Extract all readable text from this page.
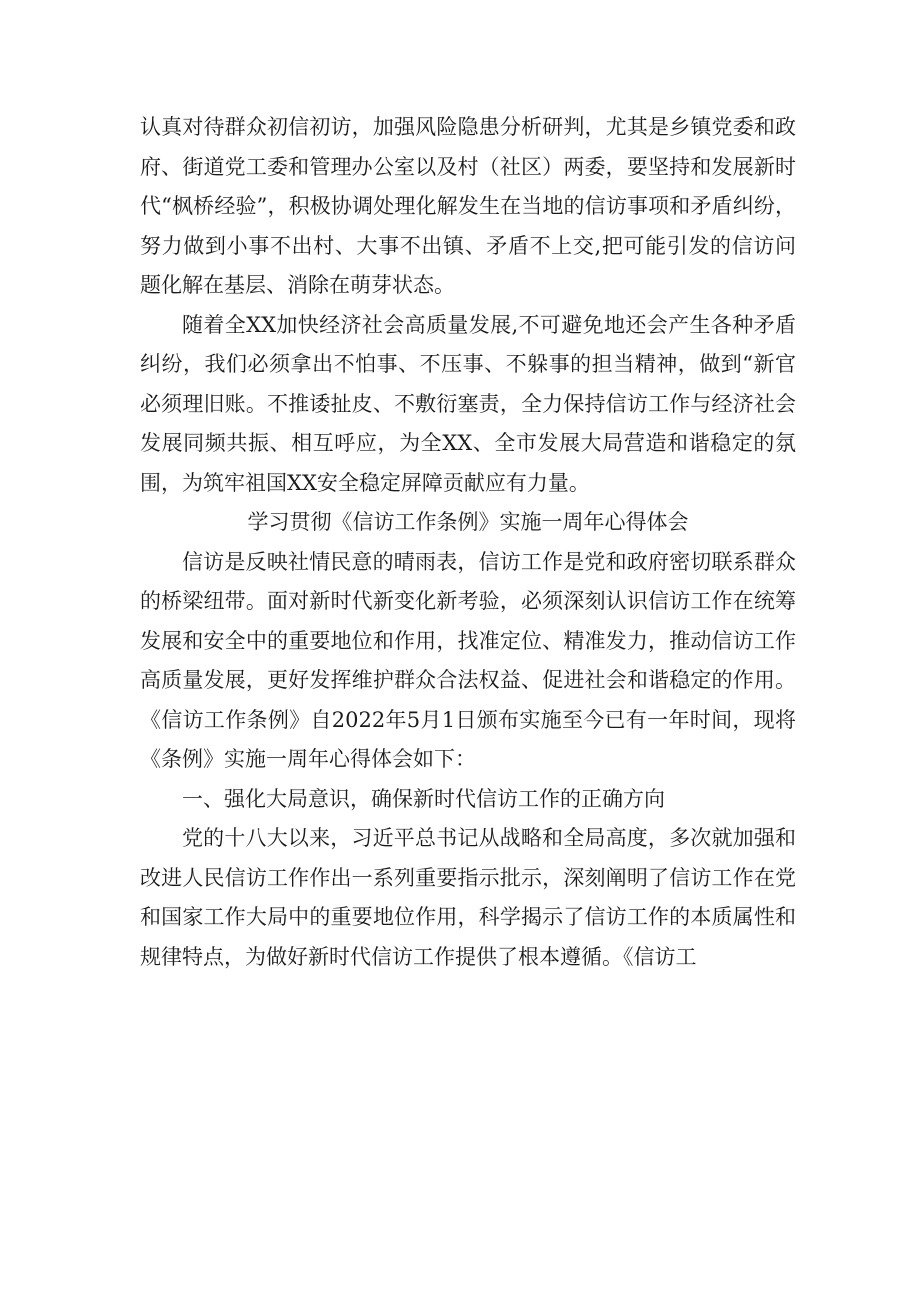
认真对待群众初信初访，加强风险隐患分析研判，尤其是乡镇党委和政府、街道党工委和管理办公室以及村（社区）两委，要坚持和发展新时代“枫桥经验”，积极协调处理化解发生在当地的信访事项和矛盾纠纷，努力做到小事不出村、大事不出镇、矛盾不上交,把可能引发的信访问题化解在基层、消除在萌芽状态。

随着全XX加快经济社会高质量发展,不可避免地还会产生各种矛盾纠纷，我们必须拿出不怕事、不压事、不躲事的担当精神，做到“新官必须理旧账。不推诿扯皮、不敷衍塞责，全力保持信访工作与经济社会发展同频共振、相互呼应，为全XX、全市发展大局营造和谐稳定的氛围，为筑牢祖国XX安全稳定屏障贡献应有力量。

学习贯彻《信访工作条例》实施一周年心得体会

信访是反映社情民意的晴雨表，信访工作是党和政府密切联系群众的桥梁纽带。面对新时代新变化新考验，必须深刻认识信访工作在统筹发展和安全中的重要地位和作用，找准定位、精准发力，推动信访工作高质量发展，更好发挥维护群众合法权益、促进社会和谐稳定的作用。《信访工作条例》自2022年5月1日颁布实施至今已有一年时间，现将《条例》实施一周年心得体会如下：

一、强化大局意识，确保新时代信访工作的正确方向

党的十八大以来，习近平总书记从战略和全局高度，多次就加强和改进人民信访工作作出一系列重要指示批示，深刻阐明了信访工作在党和国家工作大局中的重要地位作用，科学揭示了信访工作的本质属性和规律特点，为做好新时代信访工作提供了根本遵循。《信访工
